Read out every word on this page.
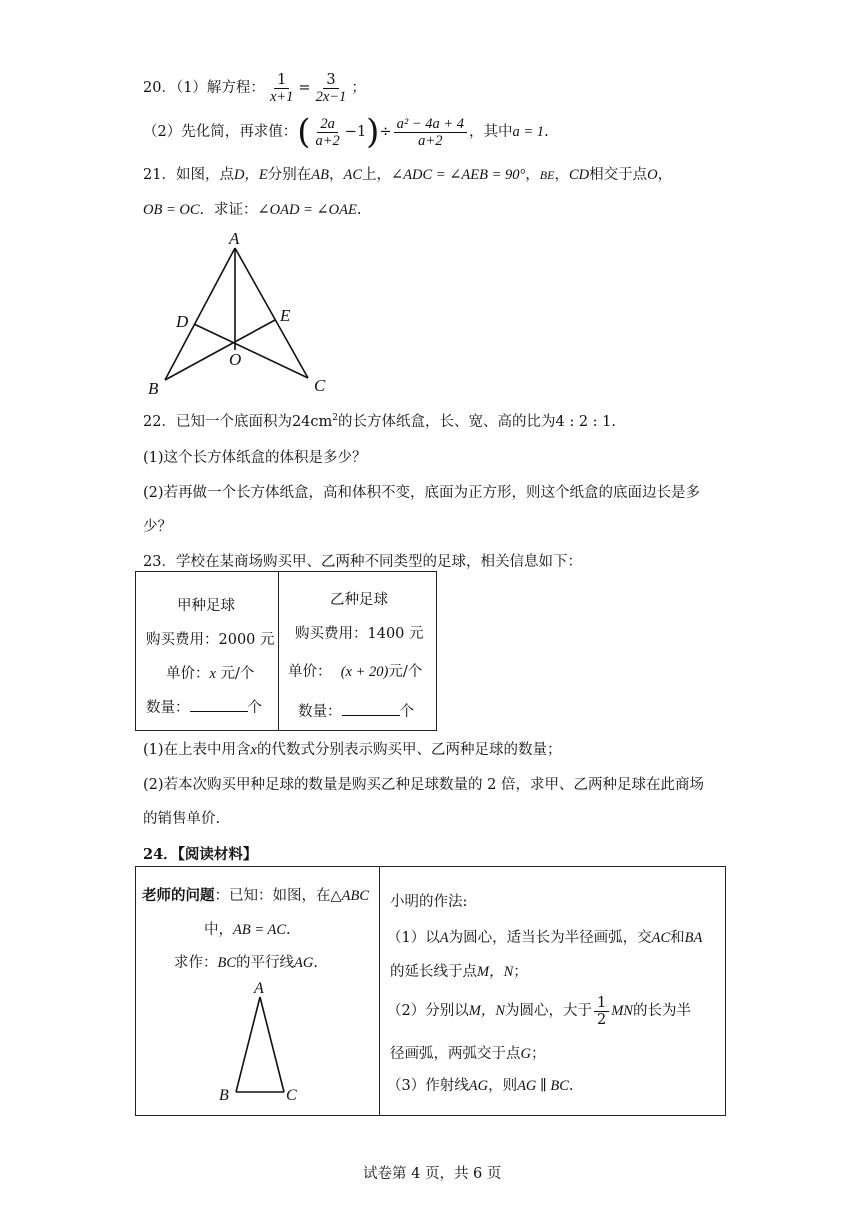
20．（1）解方程： $\frac{1}{x+1} = \frac{3}{2x-1}$ ；
（2）先化简，再求值：( $\frac{2a}{a+2} -1)\div \frac{\text{a² − 4a + 4}}{a+2}$ ，其中a = 1.
21．如图，点D，E分别在AB，AC上，∠ADC = ∠AEB = 90°，BE，CD相交于点O，
OB = OC．求证：∠OAD = ∠OAE.
A
D	E
O
B	C
22．已知一个底面积为$24cm^2$的长方体纸盒，长、宽、高的比为4 : 2 : 1.
(1)这个长方体纸盒的体积是多少？
(2)若再做一个长方体纸盒，高和体积不变，底面为正方形，则这个纸盒的底面边长是多
少？
23．学校在某商场购买甲、乙两种不同类型的足球，相关信息如下：
甲种足球
购买费用：2000 元
单价：x 元/个
数量：	个
乙种足球
购买费用：1400 元
单价： (x + 20)元/个
数量：	个
(1)在上表中用含x的代数式分别表示购买甲、乙两种足球的数量；
(2)若本次购买甲种足球的数量是购买乙种足球数量的 2 倍，求甲、乙两种足球在此商场
的销售单价.
24．【阅读材料】
老师的问题：已知：如图，在△ABC
中，AB = AC.
求作：BC的平行线AG.
A
B	C
小明的作法:
（1）以A为圆心，适当长为半径画弧，交AC和BA
的延长线于点M，N；
（2）分别以M，N为圆心，大于 $\frac{1}{2}$ MN的长为半
径画弧，两弧交于点G；
（3）作射线AG，则AG ∥ BC.
试卷第 4 页，共 6 页
